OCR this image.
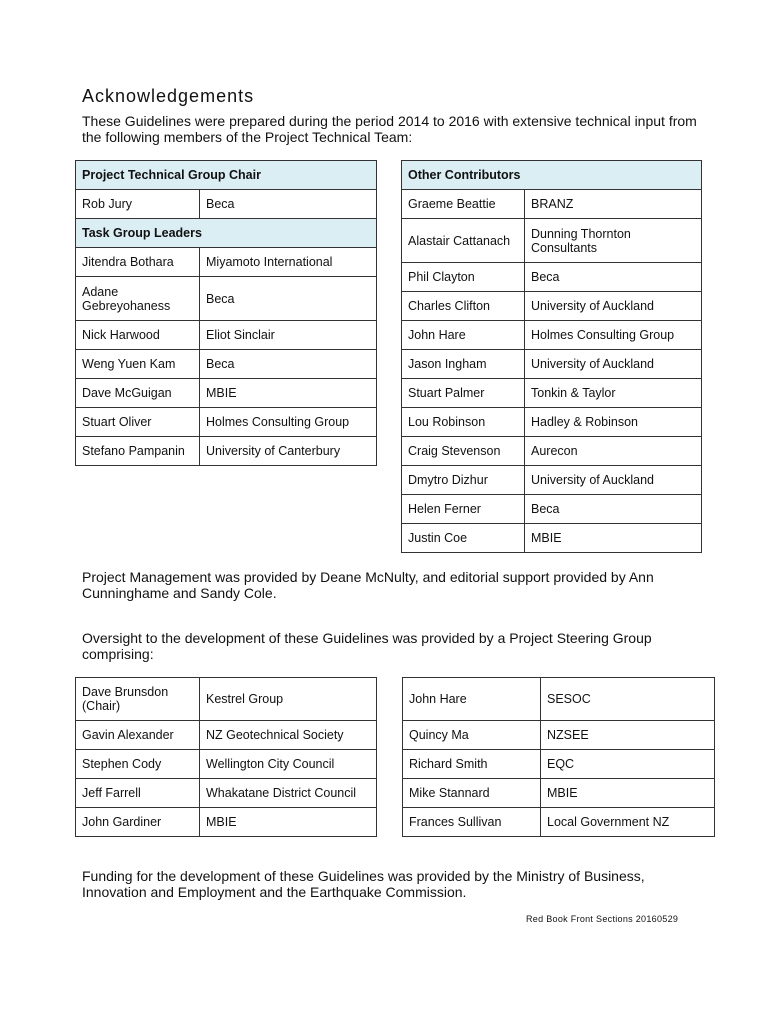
Acknowledgements

These Guidelines were prepared during the period 2014 to 2016 with extensive technical input from the following members of the Project Technical Team:

Project Technical Group Chair	
Rob Jury	Beca
Task Group Leaders	
Jitendra Bothara	Miyamoto International
Adane Gebreyohaness	Beca
Nick Harwood	Eliot Sinclair
Weng Yuen Kam	Beca
Dave McGuigan	MBIE
Stuart Oliver	Holmes Consulting Group
Stefano Pampanin	University of Canterbury
Other Contributors	
Graeme Beattie	BRANZ
Alastair Cattanach	Dunning Thornton Consultants
Phil Clayton	Beca
Charles Clifton	University of Auckland
John Hare	Holmes Consulting Group
Jason Ingham	University of Auckland
Stuart Palmer	Tonkin & Taylor
Lou Robinson	Hadley & Robinson
Craig Stevenson	Aurecon
Dmytro Dizhur	University of Auckland
Helen Ferner	Beca
Justin Coe	MBIE

Project Management was provided by Deane McNulty, and editorial support provided by Ann Cunninghame and Sandy Cole.

Oversight to the development of these Guidelines was provided by a Project Steering Group comprising:

Dave Brunsdon (Chair)	Kestrel Group
Gavin Alexander	NZ Geotechnical Society
Stephen Cody	Wellington City Council
Jeff Farrell	Whakatane District Council
John Gardiner	MBIE
John Hare	SESOC
Quincy Ma	NZSEE
Richard Smith	EQC
Mike Stannard	MBIE
Frances Sullivan	Local Government NZ

Funding for the development of these Guidelines was provided by the Ministry of Business, Innovation and Employment and the Earthquake Commission.

Red Book Front Sections 20160529
